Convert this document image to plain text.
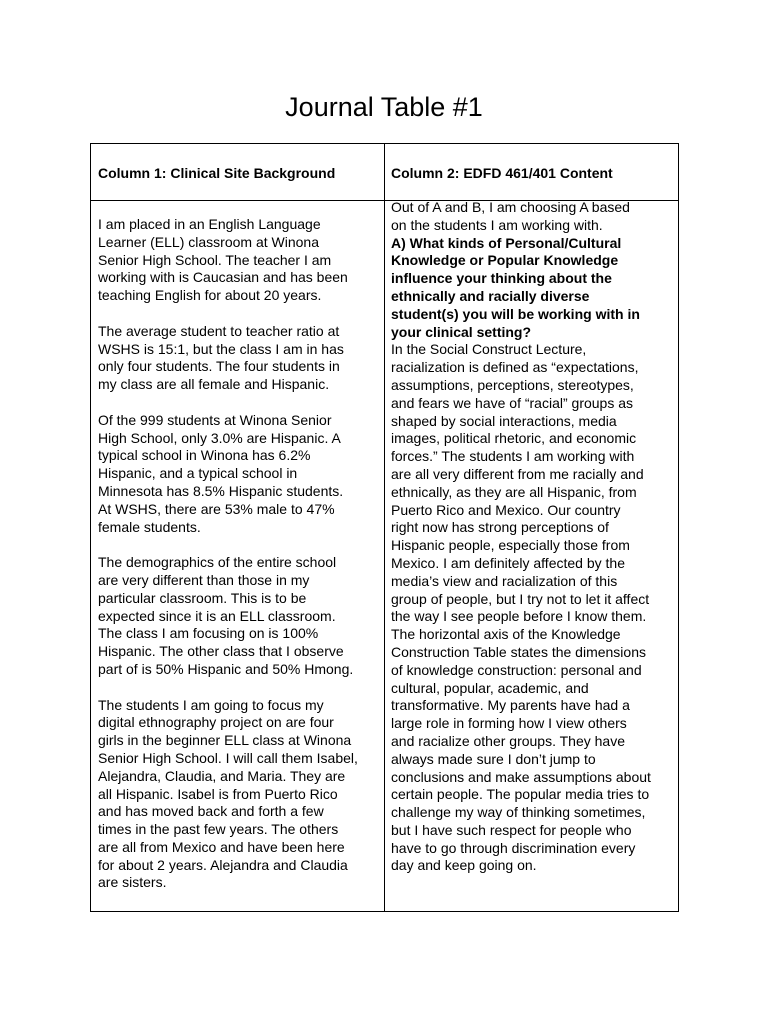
Journal Table #1
Column 1: Clinical Site Background	Column 2: EDFD 461/401 Content

I am placed in an English Language
Learner (ELL) classroom at Winona
Senior High School. The teacher I am
working with is Caucasian and has been
teaching English for about 20 years.

The average student to teacher ratio at
WSHS is 15:1, but the class I am in has
only four students. The four students in
my class are all female and Hispanic.

Of the 999 students at Winona Senior
High School, only 3.0% are Hispanic. A
typical school in Winona has 6.2%
Hispanic, and a typical school in
Minnesota has 8.5% Hispanic students.
At WSHS, there are 53% male to 47%
female students.

The demographics of the entire school
are very different than those in my
particular classroom. This is to be
expected since it is an ELL classroom.
The class I am focusing on is 100%
Hispanic. The other class that I observe
part of is 50% Hispanic and 50% Hmong.

The students I am going to focus my
digital ethnography project on are four
girls in the beginner ELL class at Winona
Senior High School. I will call them Isabel,
Alejandra, Claudia, and Maria. They are
all Hispanic. Isabel is from Puerto Rico
and has moved back and forth a few
times in the past few years. The others
are all from Mexico and have been here
for about 2 years. Alejandra and Claudia
are sisters.

Out of A and B, I am choosing A based
on the students I am working with.
A) What kinds of Personal/Cultural
Knowledge or Popular Knowledge
influence your thinking about the
ethnically and racially diverse
student(s) you will be working with in
your clinical setting?
In the Social Construct Lecture,
racialization is defined as “expectations,
assumptions, perceptions, stereotypes,
and fears we have of “racial” groups as
shaped by social interactions, media
images, political rhetoric, and economic
forces.” The students I am working with
are all very different from me racially and
ethnically, as they are all Hispanic, from
Puerto Rico and Mexico. Our country
right now has strong perceptions of
Hispanic people, especially those from
Mexico. I am definitely affected by the
media’s view and racialization of this
group of people, but I try not to let it affect
the way I see people before I know them.
The horizontal axis of the Knowledge
Construction Table states the dimensions
of knowledge construction: personal and
cultural, popular, academic, and
transformative. My parents have had a
large role in forming how I view others
and racialize other groups. They have
always made sure I don’t jump to
conclusions and make assumptions about
certain people. The popular media tries to
challenge my way of thinking sometimes,
but I have such respect for people who
have to go through discrimination every
day and keep going on.
